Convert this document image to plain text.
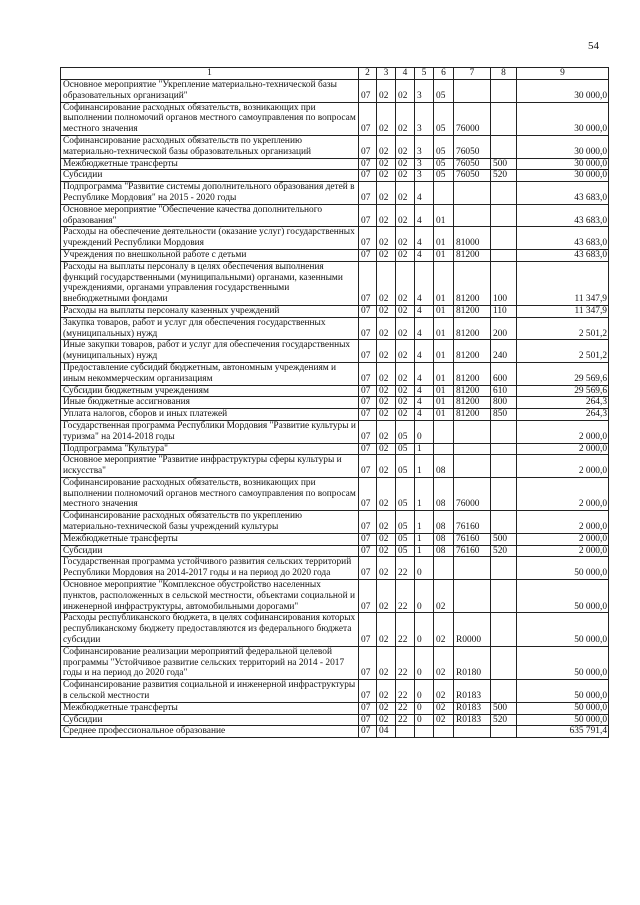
54
1	2	3	4	5	6	7	8	9
Основное мероприятие "Укрепление материально-технической базы образовательных организаций"	07	02	02	3	05			30 000,0
Софинансирование расходных обязательств, возникающих при выполнении полномочий органов местного самоуправления по вопросам местного значения	07	02	02	3	05	76000		30 000,0
Софинансирование расходных обязательств по укреплению материально-технической базы образовательных организаций	07	02	02	3	05	76050		30 000,0
Межбюджетные трансферты	07	02	02	3	05	76050	500	30 000,0
Субсидии	07	02	02	3	05	76050	520	30 000,0
Подпрограмма "Развитие системы дополнительного образования детей в Республике Мордовия" на 2015 - 2020 годы	07	02	02	4				43 683,0
Основное мероприятие "Обеспечение качества дополнительного образования"	07	02	02	4	01			43 683,0
Расходы на обеспечение деятельности (оказание услуг) государственных учреждений Республики Мордовия	07	02	02	4	01	81000		43 683,0
Учреждения по внешкольной работе с детьми	07	02	02	4	01	81200		43 683,0
Расходы на выплаты персоналу в целях обеспечения выполнения функций государственными (муниципальными) органами, казенными учреждениями, органами управления государственными внебюджетными фондами	07	02	02	4	01	81200	100	11 347,9
Расходы на выплаты персоналу казенных учреждений	07	02	02	4	01	81200	110	11 347,9
Закупка товаров, работ и услуг для обеспечения государственных (муниципальных) нужд	07	02	02	4	01	81200	200	2 501,2
Иные закупки товаров, работ и услуг для обеспечения государственных (муниципальных) нужд	07	02	02	4	01	81200	240	2 501,2
Предоставление субсидий бюджетным, автономным учреждениям и иным некоммерческим организациям	07	02	02	4	01	81200	600	29 569,6
Субсидии бюджетным учреждениям	07	02	02	4	01	81200	610	29 569,6
Иные бюджетные ассигнования	07	02	02	4	01	81200	800	264,3
Уплата налогов, сборов и иных платежей	07	02	02	4	01	81200	850	264,3
Государственная программа Республики Мордовия "Развитие культуры и туризма" на 2014-2018 годы	07	02	05	0				2 000,0
Подпрограмма "Культура"	07	02	05	1				2 000,0
Основное мероприятие "Развитие инфраструктуры сферы культуры и искусства"	07	02	05	1	08			2 000,0
Софинансирование расходных обязательств, возникающих при выполнении полномочий органов местного самоуправления по вопросам местного значения	07	02	05	1	08	76000		2 000,0
Софинансирование расходных обязательств по укреплению материально-технической базы учреждений культуры	07	02	05	1	08	76160		2 000,0
Межбюджетные трансферты	07	02	05	1	08	76160	500	2 000,0
Субсидии	07	02	05	1	08	76160	520	2 000,0
Государственная программа устойчивого развития сельских территорий Республики Мордовия на 2014-2017 годы и на период до 2020 года	07	02	22	0				50 000,0
Основное мероприятие "Комплексное обустройство населенных пунктов, расположенных в сельской местности, объектами социальной и инженерной инфраструктуры, автомобильными дорогами"	07	02	22	0	02			50 000,0
Расходы республиканского бюджета, в целях софинансирования которых республиканскому бюджету предоставляются из федерального бюджета субсидии	07	02	22	0	02	R0000		50 000,0
Софинансирование реализации мероприятий федеральной целевой программы "Устойчивое развитие сельских территорий на 2014 - 2017 годы и на период до 2020 года"	07	02	22	0	02	R0180		50 000,0
Софинансирование развития социальной и инженерной инфраструктуры в сельской местности	07	02	22	0	02	R0183		50 000,0
Межбюджетные трансферты	07	02	22	0	02	R0183	500	50 000,0
Субсидии	07	02	22	0	02	R0183	520	50 000,0
Среднее профессиональное образование	07	04						635 791,4
